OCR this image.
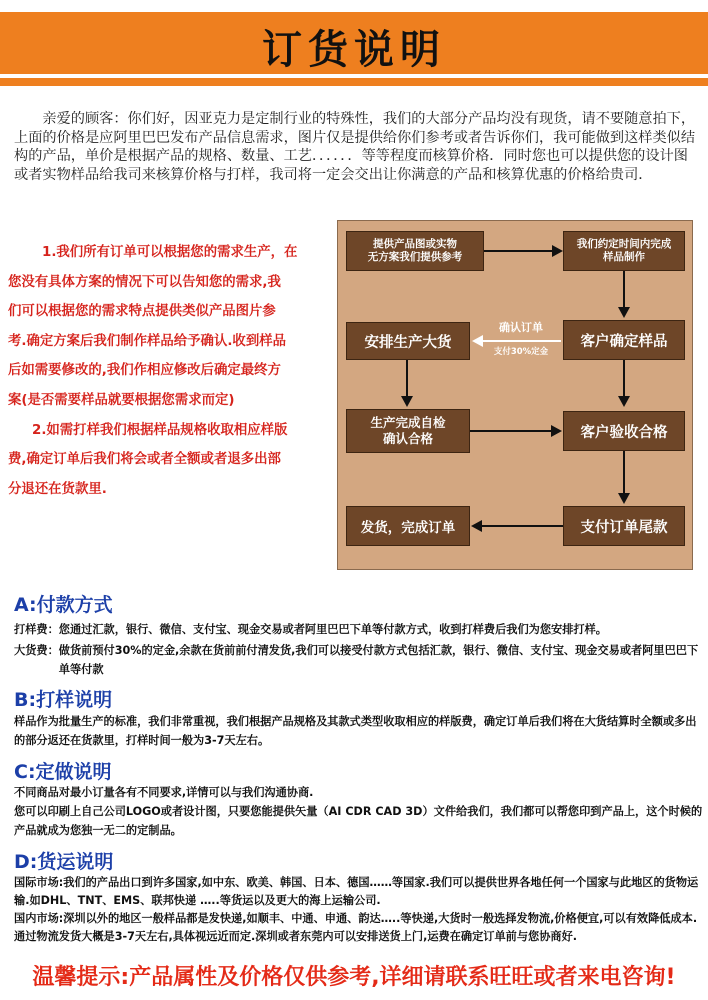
订货说明
亲爱的顾客：你们好，因亚克力是定制行业的特殊性，我们的大部分产品均没有现货，请不要随意拍下，上面的价格是应阿里巴巴发布产品信息需求，图片仅是提供给你们参考或者告诉你们，我可能做到这样类似结构的产品，单价是根据产品的规格、数量、工艺．．．．．．等等程度而核算价格．同时您也可以提供您的设计图或者实物样品给我司来核算价格与打样，我司将一定会交出让你满意的产品和核算优惠的价格给贵司．

1.我们所有订单可以根据您的需求生产，在

您没有具体方案的情况下可以告知您的需求,我

们可以根据您的需求特点提供类似产品图片参

考.确定方案后我们制作样品给予确认.收到样品

后如需要修改的,我们作相应修改后确定最终方

案(是否需要样品就要根据您需求而定)

2.如需打样我们根据样品规格收取相应样版

费,确定订单后我们将会或者全额或者退多出部

分退还在货款里.

提供产品图或实物
无方案我们提供参考
我们约定时间内完成
样品制作
客户确定样品
安排生产大货
确认订单
支付30%定金
生产完成自检
确认合格	客户验收合格
支付订单尾款
发货，完成订单
A:付款方式
打样费：您通过汇款，银行、微信、支付宝、现金交易或者阿里巴巴下单等付款方式，收到打样费后我们为您安排打样。
大货费： 做货前预付30%的定金,余款在货前前付清发货,我们可以接受付款方式包括汇款，银行、微信、支付宝、现金交易或者阿里巴巴下单等付款
B:打样说明
样品作为批量生产的标准，我们非常重视，我们根据产品规格及其款式类型收取相应的样版费，确定订单后我们将在大货结算时全额或多出的部分返还在货款里，打样时间一般为3-7天左右。
C:定做说明
不同商品对最小订量各有不同要求,详情可以与我们沟通协商.
您可以印刷上自己公司LOGO或者设计图，只要您能提供矢量（AI CDR CAD 3D）文件给我们，我们都可以帮您印到产品上，这个时候的产品就成为您独一无二的定制品。
D:货运说明
国际市场:我们的产品出口到许多国家,如中东、欧美、韩国、日本、德国……等国家.我们可以提供世界各地任何一个国家与此地区的货物运输.如DHL、TNT、EMS、联邦快递 …..等货运以及更大的海上运输公司.
国内市场:深圳以外的地区一般样品都是发快递,如顺丰、中通、申通、韵达…..等快递,大货时一般选择发物流,价格便宜,可以有效降低成本.通过物流发货大概是3-7天左右,具体视远近而定.深圳或者东莞内可以安排送货上门,运费在确定订单前与您协商好.
温馨提示:产品属性及价格仅供参考,详细请联系旺旺或者来电咨询!
